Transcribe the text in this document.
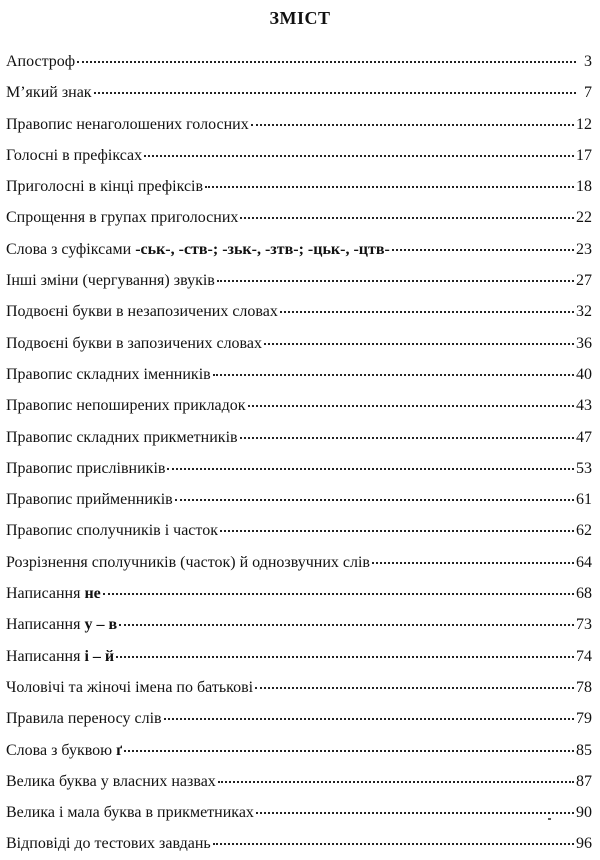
ЗМІСТ
Апостроф	3
М’який знак	7
Правопис ненаголошених голосних	12
Голосні в префіксах	17
Приголосні в кінці префіксів	18
Спрощення в групах приголосних	22
Слова з суфіксами -ськ-, -ств-; -зьк-, -зтв-; -цьк-, -цтв-	23
Інші зміни (чергування) звуків	27
Подвоєні букви в незапозичених словах	32
Подвоєні букви в запозичених словах	36
Правопис складних іменників	40
Правопис непоширених прикладок	43
Правопис складних прикметників	47
Правопис прислівників	53
Правопис прийменників	61
Правопис сполучників і часток	62
Розрізнення сполучників (часток) й однозвучних слів	64
Написання не	68
Написання у – в	73
Написання і – й	74
Чоловічі та жіночі імена по батькові	78
Правила переносу слів	79
Слова з буквою ґ	85
Велика буква у власних назвах	87
Велика і мала буква в прикметниках	90
Відповіді до тестових завдань	96
